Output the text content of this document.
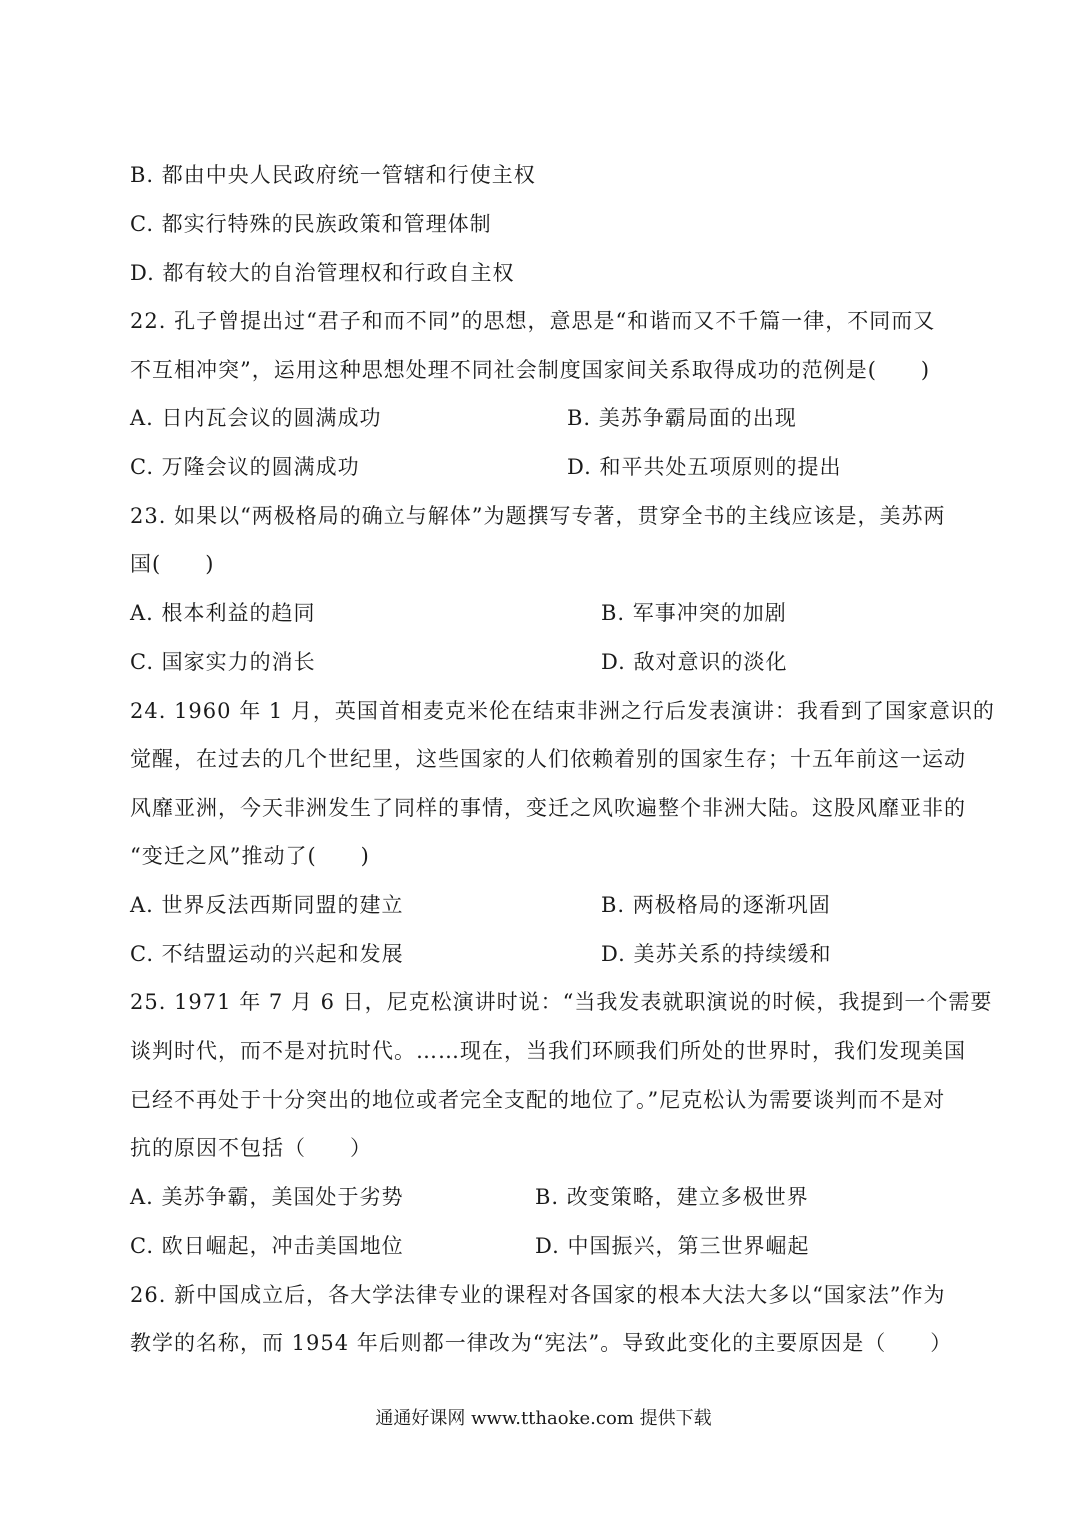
B. 都由中央人民政府统一管辖和行使主权
C. 都实行特殊的民族政策和管理体制
D. 都有较大的自治管理权和行政自主权
22. 孔子曾提出过“君子和而不同”的思想，意思是“和谐而又不千篇一律，不同而又
不互相冲突”，运用这种思想处理不同社会制度国家间关系取得成功的范例是(　　)
A. 日内瓦会议的圆满成功	B. 美苏争霸局面的出现
C. 万隆会议的圆满成功	D. 和平共处五项原则的提出
23. 如果以“两极格局的确立与解体”为题撰写专著，贯穿全书的主线应该是，美苏两
国(　　)
A. 根本利益的趋同	B. 军事冲突的加剧
C. 国家实力的消长	D. 敌对意识的淡化
24. 1960 年 1 月，英国首相麦克米伦在结束非洲之行后发表演讲：我看到了国家意识的
觉醒，在过去的几个世纪里，这些国家的人们依赖着别的国家生存；十五年前这一运动
风靡亚洲，今天非洲发生了同样的事情，变迁之风吹遍整个非洲大陆。这股风靡亚非的
“变迁之风”推动了(　　)
A. 世界反法西斯同盟的建立	B. 两极格局的逐渐巩固
C. 不结盟运动的兴起和发展	D. 美苏关系的持续缓和
25. 1971 年 7 月 6 日，尼克松演讲时说：“当我发表就职演说的时候，我提到一个需要
谈判时代，而不是对抗时代。……现在，当我们环顾我们所处的世界时，我们发现美国
已经不再处于十分突出的地位或者完全支配的地位了。”尼克松认为需要谈判而不是对
抗的原因不包括（　　）
A. 美苏争霸，美国处于劣势	B. 改变策略，建立多极世界
C. 欧日崛起，冲击美国地位	D. 中国振兴，第三世界崛起
26. 新中国成立后，各大学法律专业的课程对各国家的根本大法大多以“国家法”作为
教学的名称，而 1954 年后则都一律改为“宪法”。导致此变化的主要原因是（　　）
通通好课网 www.tthaoke.com 提供下载
